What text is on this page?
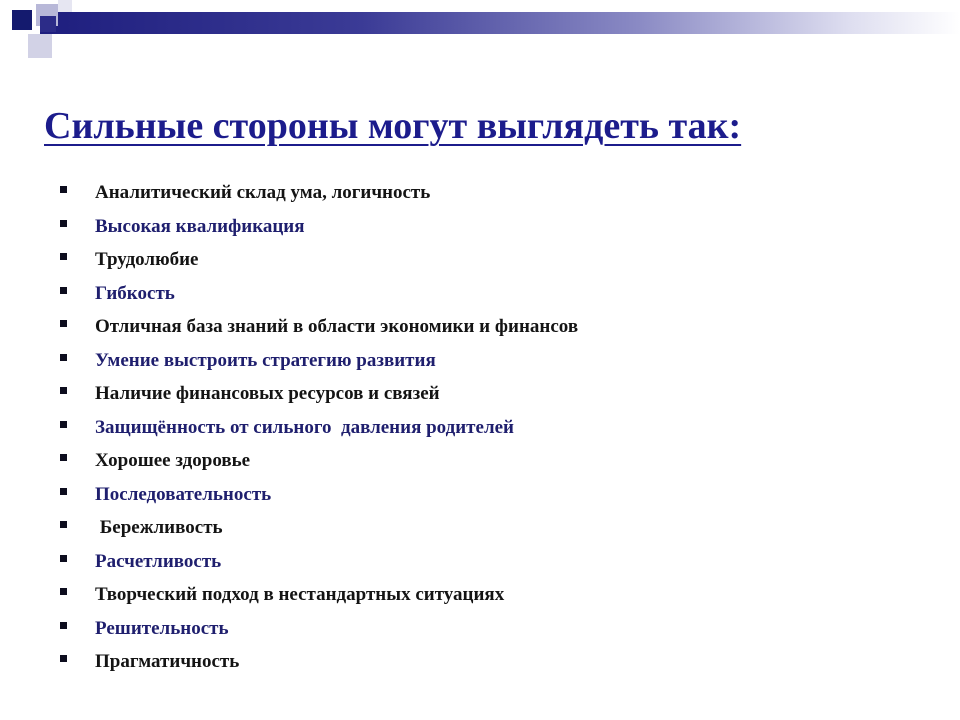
Сильные стороны могут выглядеть так:
Аналитический склад ума, логичность
Высокая квалификация
Трудолюбие
Гибкость
Отличная база знаний в области экономики и финансов
Умение выстроить стратегию развития
Наличие финансовых ресурсов и связей
Защищённость от сильного  давления родителей
Хорошее здоровье
Последовательность
Бережливость
Расчетливость
Творческий подход в нестандартных ситуациях
Решительность
Прагматичность
